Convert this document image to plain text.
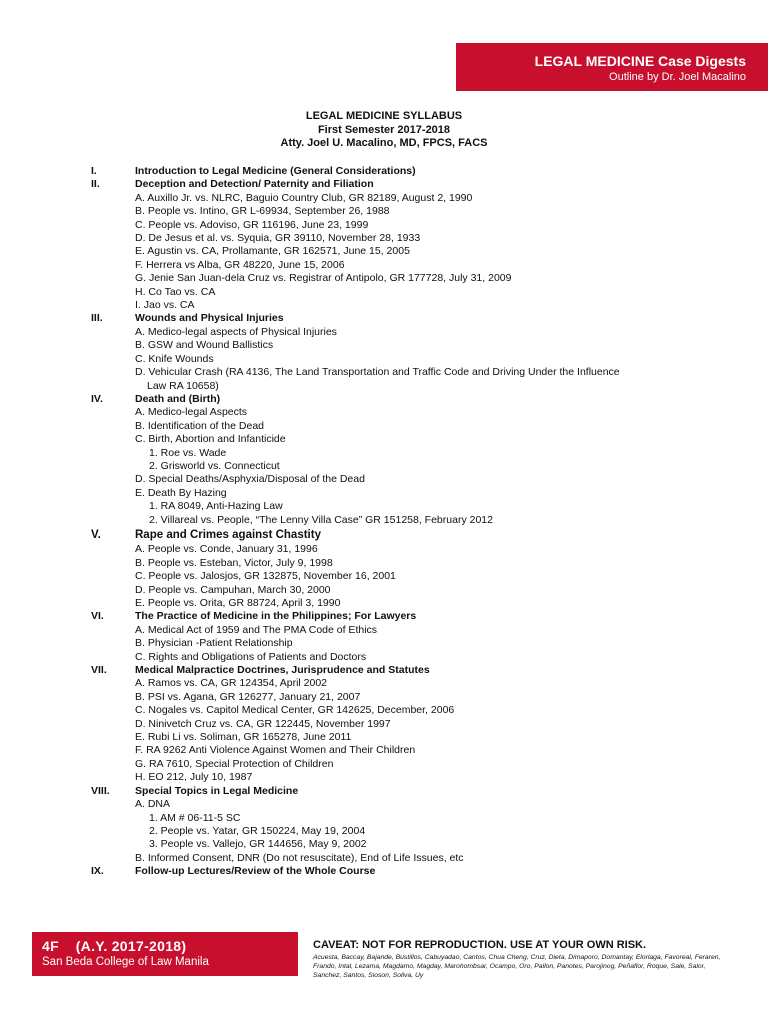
LEGAL MEDICINE Case Digests
Outline by Dr. Joel Macalino
LEGAL MEDICINE SYLLABUS
First Semester 2017-2018
Atty. Joel U. Macalino, MD, FPCS, FACS
I.	Introduction to Legal Medicine (General Considerations)
II.	Deception and Detection/ Paternity and Filiation
A. Auxillo Jr. vs. NLRC, Baguio Country Club, GR 82189, August 2, 1990
B. People vs. Intino, GR L-69934, September 26, 1988
C. People vs. Adoviso, GR 116196, June 23, 1999
D. De Jesus et al. vs. Syquia, GR 39110, November 28, 1933
E. Agustin vs. CA, Prollamante, GR 162571, June 15, 2005
F. Herrera vs Alba, GR 48220, June 15, 2006
G. Jenie San Juan-dela Cruz vs. Registrar of Antipolo, GR 177728, July 31, 2009
H. Co Tao vs. CA
I. Jao vs. CA
III.	Wounds and Physical Injuries
A. Medico-legal aspects of Physical Injuries
B. GSW and Wound Ballistics
C. Knife Wounds
D. Vehicular Crash (RA 4136, The Land Transportation and Traffic Code and Driving Under the Influence
Law RA 10658)
IV.	Death and (Birth)
A. Medico-legal Aspects
B. Identification of the Dead
C. Birth, Abortion and Infanticide
1. Roe vs. Wade
2. Grisworld vs. Connecticut
D. Special Deaths/Asphyxia/Disposal of the Dead
E. Death By Hazing
1. RA 8049, Anti-Hazing Law
2. Villareal vs. People, “The Lenny Villa Case” GR 151258, February 2012
V.	Rape and Crimes against Chastity
A. People vs. Conde, January 31, 1996
B. People vs. Esteban, Victor, July 9, 1998
C. People vs. Jalosjos, GR 132875, November 16, 2001
D. People vs. Campuhan, March 30, 2000
E. People vs. Orita, GR 88724, April 3, 1990
VI.	The Practice of Medicine in the Philippines; For Lawyers
A. Medical Act of 1959 and The PMA Code of Ethics
B. Physician -Patient Relationship
C. Rights and Obligations of Patients and Doctors
VII.	Medical Malpractice Doctrines, Jurisprudence and Statutes
A. Ramos vs. CA, GR 124354, April 2002
B. PSI vs. Agana, GR 126277, January 21, 2007
C. Nogales vs. Capitol Medical Center, GR 142625, December, 2006
D. Ninivetch Cruz vs. CA, GR 122445, November 1997
E. Rubi Li vs. Soliman, GR 165278, June 2011
F. RA 9262 Anti Violence Against Women and Their Children
G. RA 7610, Special Protection of Children
H. EO 212, July 10, 1987
VIII.	Special Topics in Legal Medicine
A. DNA
1. AM # 06-11-5 SC
2. People vs. Yatar, GR 150224, May 19, 2004
3. People vs. Vallejo, GR 144656, May 9, 2002
B. Informed Consent, DNR (Do not resuscitate), End of Life Issues, etc
IX.	Follow-up Lectures/Review of the Whole Course
4F    (A.Y. 2017-2018)
San Beda College of Law Manila
CAVEAT: NOT FOR REPRODUCTION. USE AT YOUR OWN RISK.
Acuesta, Baccay, Bajande, Bustillos, Cabuyadao, Cantos, Chua Cheng, Cruz, Dieta, Dimaporo, Domantay, Elorlaga, Favoreal, Feraren, Frando, Intal, Lezama, Magdamo, Magday, Marohombsar, Ocampo, Oro, Pallon, Panotes, Parojinog, Peñaflor, Roque, Sale, Salor, Sanchez, Santos, Sioson, Soliva, Uy
